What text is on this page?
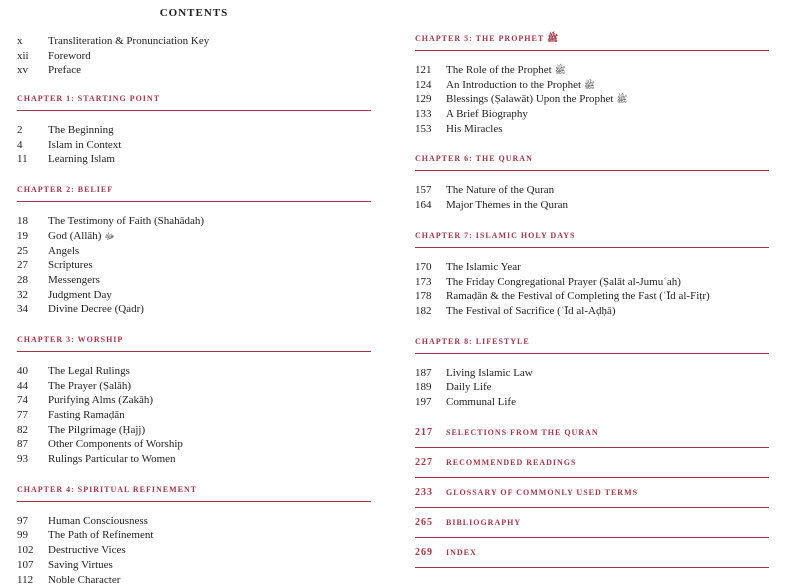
CONTENTS
x	Transliteration & Pronunciation Key
xii	Foreword
xv	Preface
CHAPTER 1: STARTING POINT
2	The Beginning
4	Islam in Context
11	Learning Islam
CHAPTER 2: BELIEF
18	The Testimony of Faith (Shahādah)
19	God (Allāh) ﷻ
25	Angels
27	Scriptures
28	Messengers
32	Judgment Day
34	Divine Decree (Qadr)
CHAPTER 3: WORSHIP
40	The Legal Rulings
44	The Prayer (Ṣalāh)
74	Purifying Alms (Zakāh)
77	Fasting Ramaḍān
82	The Pilgrimage (Ḥajj)
87	Other Components of Worship
93	Rulings Particular to Women
CHAPTER 4: SPIRITUAL REFINEMENT
97	Human Consciousness
99	The Path of Refinement
102	Destructive Vices
107	Saving Virtues
112	Noble Character
CHAPTER 5: THE PROPHET ﷺ
121	The Role of the Prophet ﷺ
124	An Introduction to the Prophet ﷺ
129	Blessings (Ṣalawāt) Upon the Prophet ﷺ
133	A Brief Biography
153	His Miracles
CHAPTER 6: THE QURAN
157	The Nature of the Quran
164	Major Themes in the Quran
CHAPTER 7: ISLAMIC HOLY DAYS
170	The Islamic Year
173	The Friday Congregational Prayer (Ṣalāt al-Jumuʿah)
178	Ramaḍān & the Festival of Completing the Fast (ʿĪd al-Fiṭr)
182	The Festival of Sacrifice (ʿĪd al-Aḍḥā)
CHAPTER 8: LIFESTYLE
187	Living Islamic Law
189	Daily Life
197	Communal Life
217	SELECTIONS FROM THE QURAN
227	RECOMMENDED READINGS
233	GLOSSARY OF COMMONLY USED TERMS
265	BIBLIOGRAPHY
269	INDEX
